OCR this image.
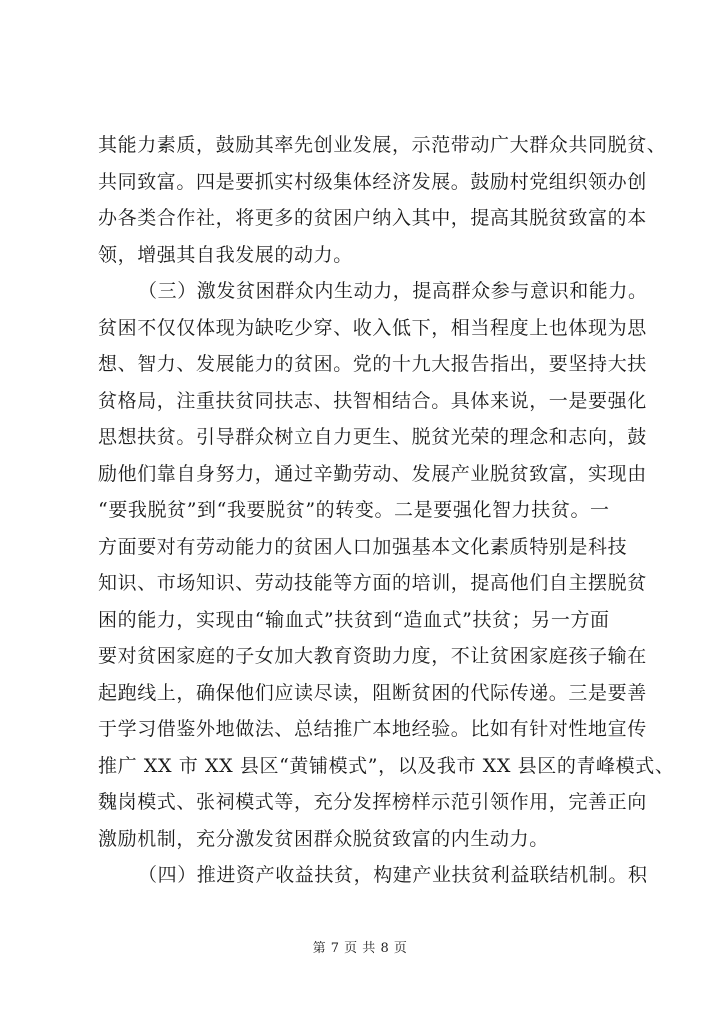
其能力素质，鼓励其率先创业发展，示范带动广大群众共同脱贫、
共同致富。四是要抓实村级集体经济发展。鼓励村党组织领办创
办各类合作社，将更多的贫困户纳入其中，提高其脱贫致富的本
领，增强其自我发展的动力。
（三）激发贫困群众内生动力，提高群众参与意识和能力。
贫困不仅仅体现为缺吃少穿、收入低下，相当程度上也体现为思
想、智力、发展能力的贫困。党的十九大报告指出，要坚持大扶
贫格局，注重扶贫同扶志、扶智相结合。具体来说，一是要强化
思想扶贫。引导群众树立自力更生、脱贫光荣的理念和志向，鼓
励他们靠自身努力，通过辛勤劳动、发展产业脱贫致富，实现由
“要我脱贫”到“我要脱贫”的转变。二是要强化智力扶贫。一
方面要对有劳动能力的贫困人口加强基本文化素质特别是科技
知识、市场知识、劳动技能等方面的培训，提高他们自主摆脱贫
困的能力，实现由“输血式”扶贫到“造血式”扶贫；另一方面
要对贫困家庭的子女加大教育资助力度，不让贫困家庭孩子输在
起跑线上，确保他们应读尽读，阻断贫困的代际传递。三是要善
于学习借鉴外地做法、总结推广本地经验。比如有针对性地宣传
推广 XX 市 XX 县区“黄铺模式”，以及我市 XX 县区的青峰模式、
魏岗模式、张祠模式等，充分发挥榜样示范引领作用，完善正向
激励机制，充分激发贫困群众脱贫致富的内生动力。
（四）推进资产收益扶贫，构建产业扶贫利益联结机制。积
第 7 页 共 8 页
